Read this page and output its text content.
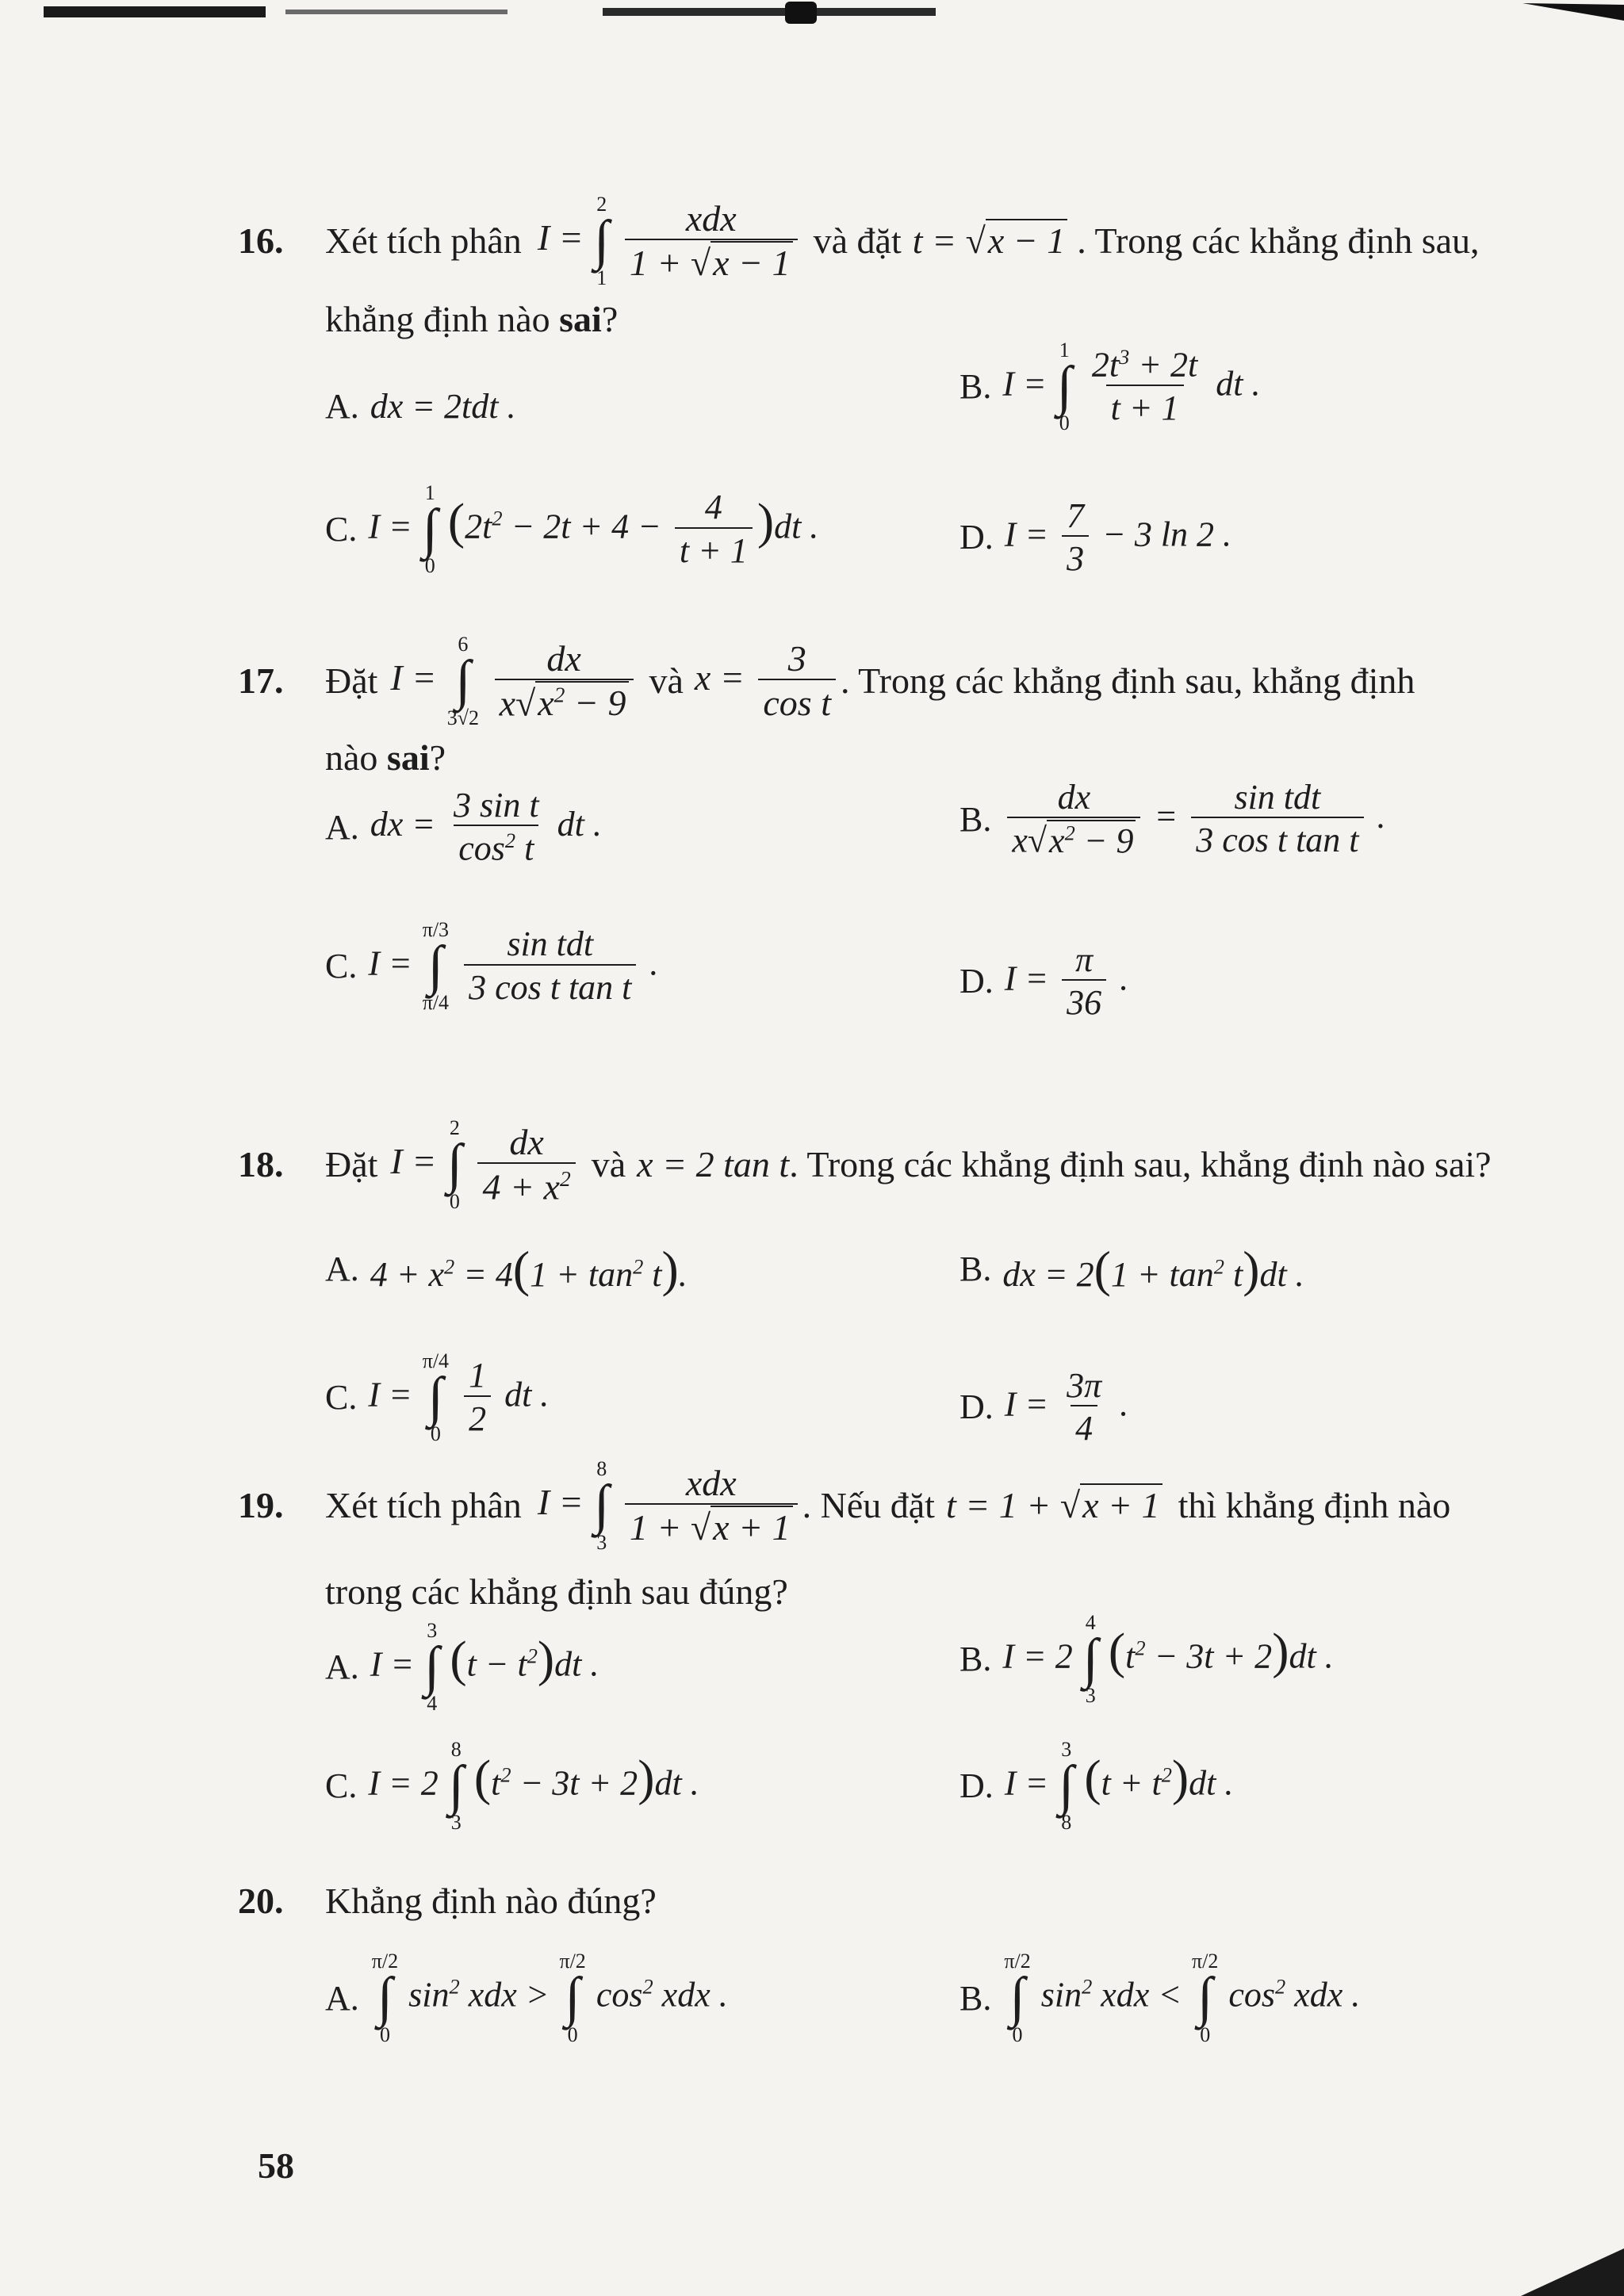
16.	Xét tích phân I =
2
∫
1
$\frac{\text{xdx}}{1 + √x - 1}$ và đặt t = √x − 1 . Trong các khẳng định sau,
khẳng định nào sai?
A. dx = 2tdt .	B. I =
1
∫
0
$\frac{2t^3 + 2t}{t + 1}$ dt .
C. I =
1
∫
0
$(2t^2 - 2t + 4 - \frac{4}{t + 1} )dt$ .	D. $I = \frac{7}{3} - 3$ ln 2 .
17.	Đặt I =
6
∫
3√2
$\frac{dx}{x√x^2 - 9}$ và $x = \frac{3}{\text{cos t}}$ . Trong các khẳng định sau, khẳng định
nào sai?
A. dx = $\frac{\text{3 sin t}}{\cos^2 t}$ dt .	B. $\frac{dx}{x√x^2 - 9} = \frac{\text{sin tdt}}{\text{3 cos t tan t}}$ .
C. I =
π/3
∫
π/4
$\frac{\text{sin tdt}}{\text{3 cos t tan t}}$ .	D. $I = \frac{\pi}{36}$ .
18.	Đặt I =
2
∫
0
$\frac{dx}{4 + x^2}$ và x = 2 tan t . Trong các khẳng định sau, khẳng định nào sai?
A. $4 + x^2 = 4(1 + \tan^2 t)$.	B. dx = $2(1 + \tan^2 t)dt$ .
C. I =
π/4
∫
0
$\frac{1}{2}$ dt .	D. $I = \frac{3\pi}{4}$ .
19.	Xét tích phân I =
8
∫
3
$\frac{\text{xdx}}{1 + √x + 1}$ . Nếu đặt t = 1 + √x + 1 thì khẳng định nào
trong các khẳng định sau đúng?
A. I =
3
∫
4
$(t - t^2)dt$ .	B. I = 2
4
∫
3
$(t^2 - 3t + 2)dt$ .
C. I = 2
8
∫
3
$(t^2 - 3t + 2)dt$ .	D. I =
3
∫
8
$(t + t^2)dt$ .
20.	Khẳng định nào đúng?
A.
π/2
∫
0
$\sin^2$ xdx >
π/2
∫
0
$\cos^2$ xdx .	B.
π/2
∫
0
$\sin^2$ xdx <
π/2
∫
0
$\cos^2$ xdx .
58
